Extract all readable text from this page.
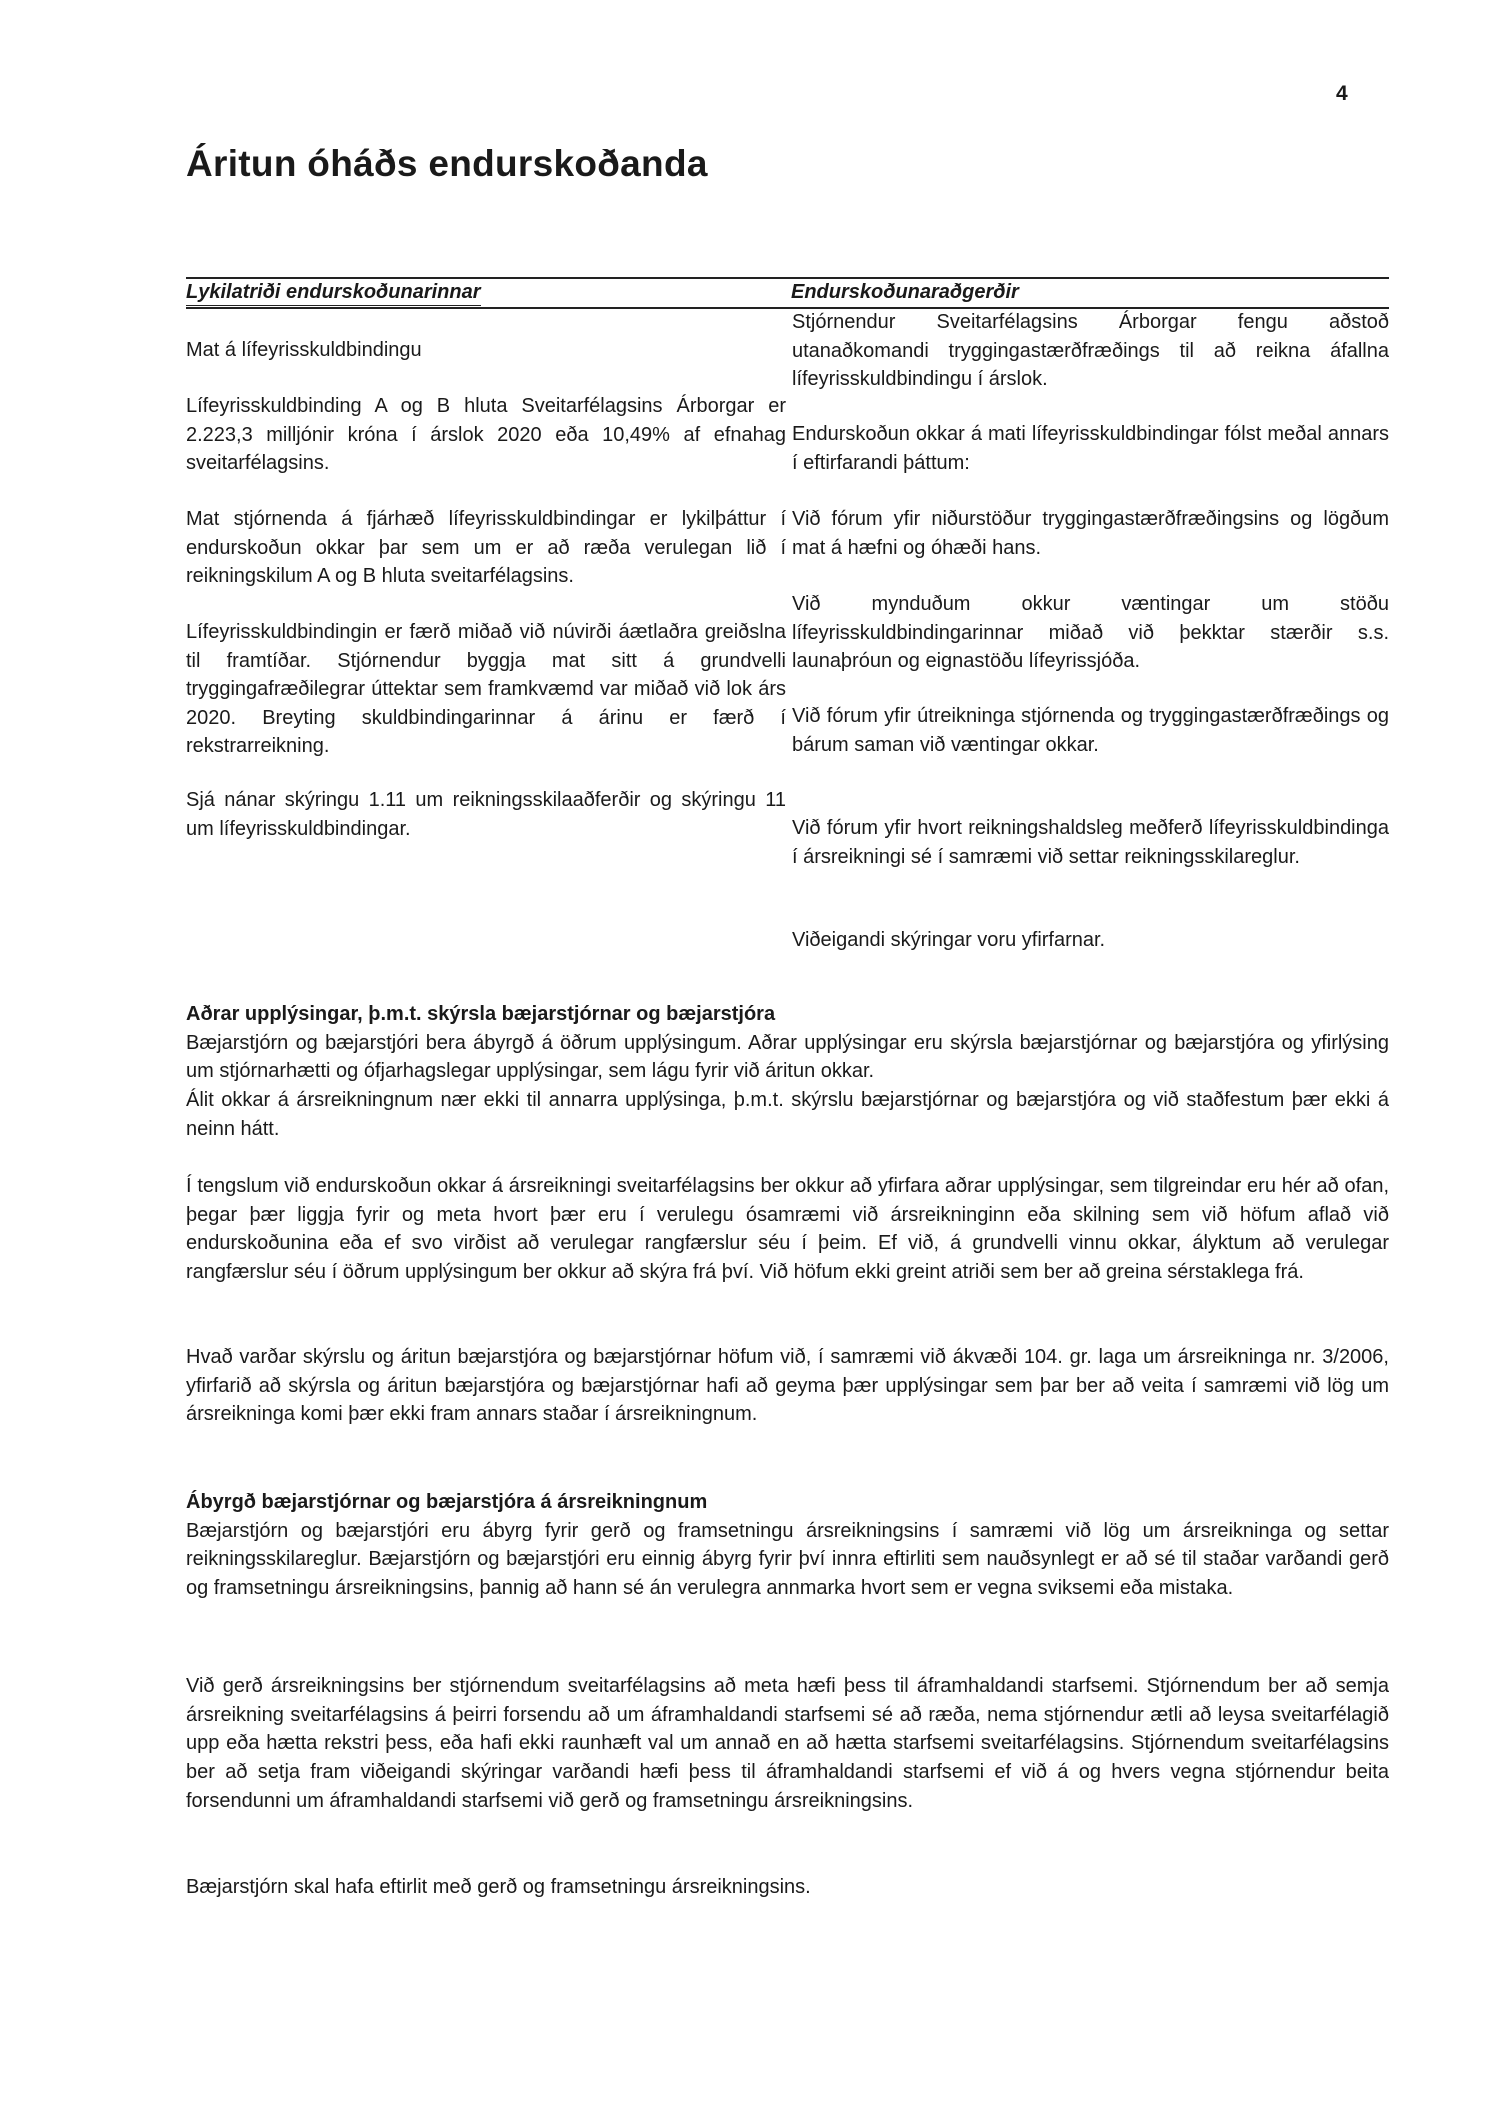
4
Áritun óháðs endurskoðanda
Lykilatriði endurskoðunarinnar	Endurskoðunaraðgerðir

Mat á lífeyrisskuldbindingu

Lífeyrisskuldbinding A og B hluta Sveitarfélagsins Árborgar er 2.223,3 milljónir króna í árslok 2020 eða 10,49% af efnahag sveitarfélagsins.

Mat stjórnenda á fjárhæð lífeyrisskuldbindingar er lykilþáttur í endurskoðun okkar þar sem um er að ræða verulegan lið í reikningskilum A og B hluta sveitarfélagsins.

Lífeyrisskuldbindingin er færð miðað við núvirði áætlaðra greiðslna til framtíðar. Stjórnendur byggja mat sitt á grundvelli tryggingafræðilegrar úttektar sem framkvæmd var miðað við lok árs 2020. Breyting skuldbindingarinnar á árinu er færð í rekstrarreikning.

Sjá nánar skýringu 1.11 um reikningsskilaaðferðir og skýringu 11 um lífeyrisskuldbindingar.

Stjórnendur Sveitarfélagsins Árborgar fengu aðstoð utanaðkomandi tryggingastærðfræðings til að reikna áfallna lífeyrisskuldbindingu í árslok.

Endurskoðun okkar á mati lífeyrisskuldbindingar fólst meðal annars í eftirfarandi þáttum:

Við fórum yfir niðurstöður tryggingastærðfræðingsins og lögðum mat á hæfni og óhæði hans.

Við mynduðum okkur væntingar um stöðu lífeyrisskuldbindingarinnar miðað við þekktar stærðir s.s. launaþróun og eignastöðu lífeyrissjóða.

Við fórum yfir útreikninga stjórnenda og tryggingastærðfræðings og bárum saman við væntingar okkar.

Við fórum yfir hvort reikningshaldsleg meðferð lífeyrisskuldbindinga í ársreikningi sé í samræmi við settar reikningsskilareglur.

Viðeigandi skýringar voru yfirfarnar.

Aðrar upplýsingar, þ.m.t. skýrsla bæjarstjórnar og bæjarstjóra

Bæjarstjórn og bæjarstjóri bera ábyrgð á öðrum upplýsingum. Aðrar upplýsingar eru skýrsla bæjarstjórnar og bæjarstjóra og yfirlýsing um stjórnarhætti og ófjarhagslegar upplýsingar, sem lágu fyrir við áritun okkar.

Álit okkar á ársreikningnum nær ekki til annarra upplýsinga, þ.m.t. skýrslu bæjarstjórnar og bæjarstjóra og við staðfestum þær ekki á neinn hátt.

Í tengslum við endurskoðun okkar á ársreikningi sveitarfélagsins ber okkur að yfirfara aðrar upplýsingar, sem tilgreindar eru hér að ofan, þegar þær liggja fyrir og meta hvort þær eru í verulegu ósamræmi við ársreikninginn eða skilning sem við höfum aflað við endurskoðunina eða ef svo virðist að verulegar rangfærslur séu í þeim. Ef við, á grundvelli vinnu okkar, ályktum að verulegar rangfærslur séu í öðrum upplýsingum ber okkur að skýra frá því. Við höfum ekki greint atriði sem ber að greina sérstaklega frá.

Hvað varðar skýrslu og áritun bæjarstjóra og bæjarstjórnar höfum við, í samræmi við ákvæði 104. gr. laga um ársreikninga nr. 3/2006, yfirfarið að skýrsla og áritun bæjarstjóra og bæjarstjórnar hafi að geyma þær upplýsingar sem þar ber að veita í samræmi við lög um ársreikninga komi þær ekki fram annars staðar í ársreikningnum.

Ábyrgð bæjarstjórnar og bæjarstjóra á ársreikningnum

Bæjarstjórn og bæjarstjóri eru ábyrg fyrir gerð og framsetningu ársreikningsins í samræmi við lög um ársreikninga og settar reikningsskilareglur. Bæjarstjórn og bæjarstjóri eru einnig ábyrg fyrir því innra eftirliti sem nauðsynlegt er að sé til staðar varðandi gerð og framsetningu ársreikningsins, þannig að hann sé án verulegra annmarka hvort sem er vegna sviksemi eða mistaka.

Við gerð ársreikningsins ber stjórnendum sveitarfélagsins að meta hæfi þess til áframhaldandi starfsemi. Stjórnendum ber að semja ársreikning sveitarfélagsins á þeirri forsendu að um áframhaldandi starfsemi sé að ræða, nema stjórnendur ætli að leysa sveitarfélagið upp eða hætta rekstri þess, eða hafi ekki raunhæft val um annað en að hætta starfsemi sveitarfélagsins. Stjórnendum sveitarfélagsins ber að setja fram viðeigandi skýringar varðandi hæfi þess til áframhaldandi starfsemi ef við á og hvers vegna stjórnendur beita forsendunni um áframhaldandi starfsemi við gerð og framsetningu ársreikningsins.

Bæjarstjórn skal hafa eftirlit með gerð og framsetningu ársreikningsins.
